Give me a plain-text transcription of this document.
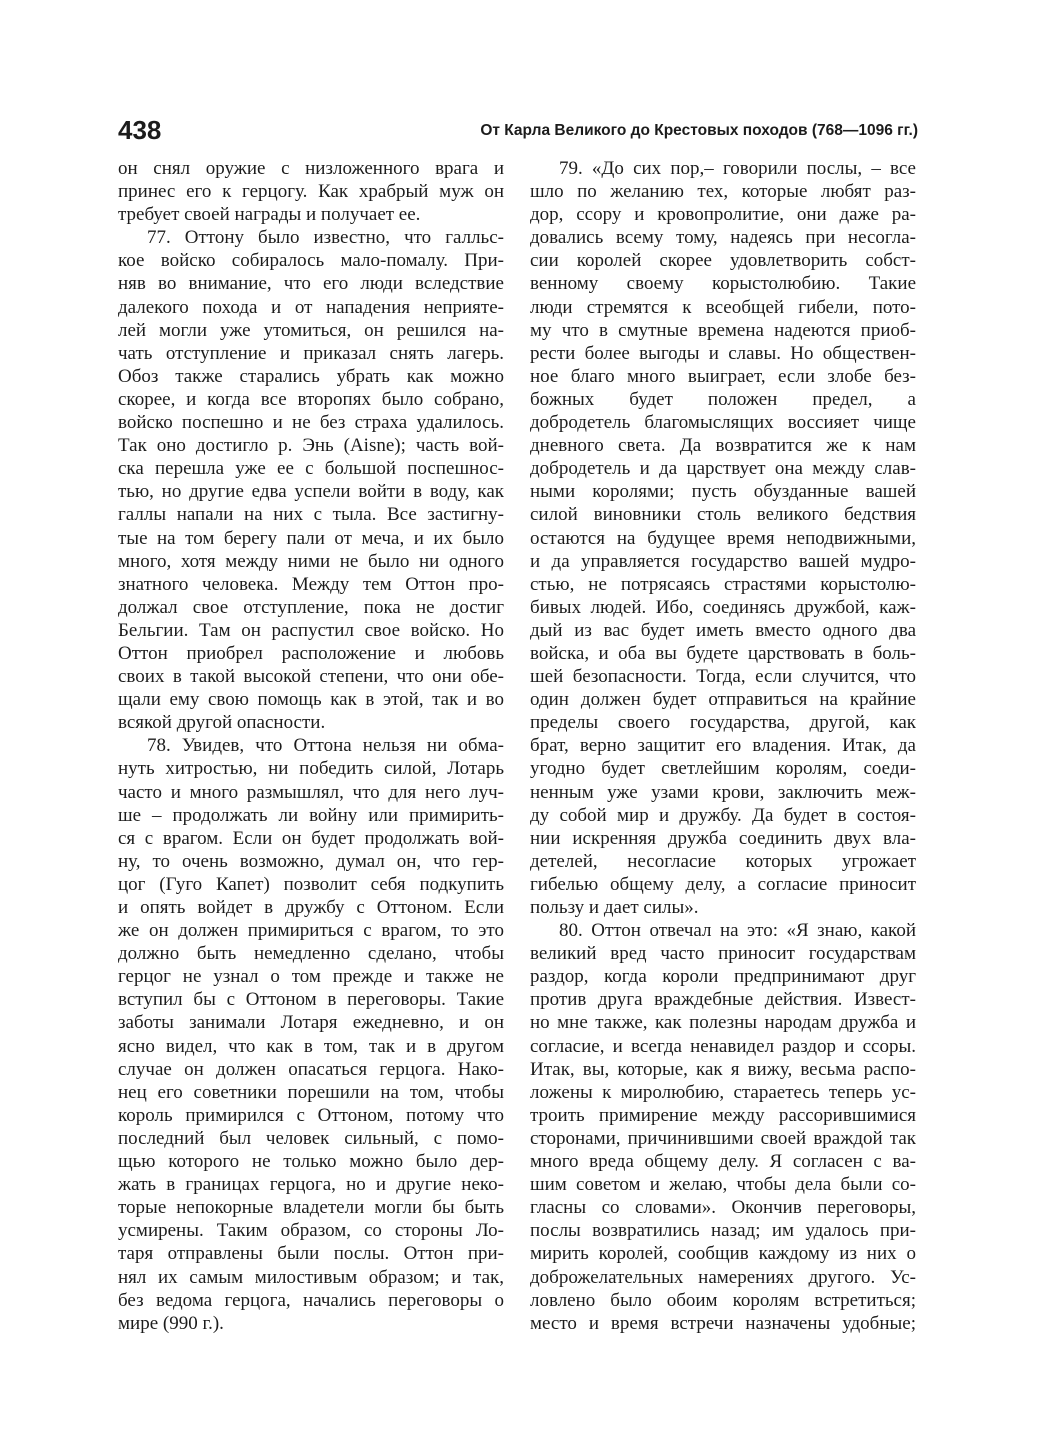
438	От Карла Великого до Крестовых походов (768—1096 гг.)
он снял оружие с низложенного врага и
принес его к герцогу. Как храбрый муж он
требует своей награды и получает ее.
77. Оттону было известно, что галльс-
кое войско собиралось мало-помалу. При-
няв во внимание, что его люди вследствие
далекого похода и от нападения неприяте-
лей могли уже утомиться, он решился на-
чать отступление и приказал снять лагерь.
Обоз также старались убрать как можно
скорее, и когда все второпях было собрано,
войско поспешно и не без страха удалилось.
Так оно достигло р. Энь (Aisne); часть вой-
ска перешла уже ее с большой поспешнос-
тью, но другие едва успели войти в воду, как
галлы напали на них с тыла. Все застигну-
тые на том берегу пали от меча, и их было
много, хотя между ними не было ни одного
знатного человека. Между тем Оттон про-
должал свое отступление, пока не достиг
Бельгии. Там он распустил свое войско. Но
Оттон приобрел расположение и любовь
своих в такой высокой степени, что они обе-
щали ему свою помощь как в этой, так и во
всякой другой опасности.
78. Увидев, что Оттона нельзя ни обма-
нуть хитростью, ни победить силой, Лотарь
часто и много размышлял, что для него луч-
ше – продолжать ли войну или примирить-
ся с врагом. Если он будет продолжать вой-
ну, то очень возможно, думал он, что гер-
цог (Гуго Капет) позволит себя подкупить
и опять войдет в дружбу с Оттоном. Если
же он должен примириться с врагом, то это
должно быть немедленно сделано, чтобы
герцог не узнал о том прежде и также не
вступил бы с Оттоном в переговоры. Такие
заботы занимали Лотаря ежедневно, и он
ясно видел, что как в том, так и в другом
случае он должен опасаться герцога. Нако-
нец его советники порешили на том, чтобы
король примирился с Оттоном, потому что
последний был человек сильный, с помо-
щью которого не только можно было дер-
жать в границах герцога, но и другие неко-
торые непокорные владетели могли бы быть
усмирены. Таким образом, со стороны Ло-
таря отправлены были послы. Оттон при-
нял их самым милостивым образом; и так,
без ведома герцога, начались переговоры о
мире (990 г.).
79. «До сих пор,– говорили послы, – все
шло по желанию тех, которые любят раз-
дор, ссору и кровопролитие, они даже ра-
довались всему тому, надеясь при несогла-
сии королей скорее удовлетворить собст-
венному своему корыстолюбию. Такие
люди стремятся к всеобщей гибели, пото-
му что в смутные времена надеются приоб-
рести более выгоды и славы. Но обществен-
ное благо много выиграет, если злобе без-
божных будет положен предел, а
добродетель благомыслящих воссияет чище
дневного света. Да возвратится же к нам
добродетель и да царствует она между слав-
ными королями; пусть обузданные вашей
силой виновники столь великого бедствия
остаются на будущее время неподвижными,
и да управляется государство вашей мудро-
стью, не потрясаясь страстями корыстолю-
бивых людей. Ибо, соединясь дружбой, каж-
дый из вас будет иметь вместо одного два
войска, и оба вы будете царствовать в боль-
шей безопасности. Тогда, если случится, что
один должен будет отправиться на крайние
пределы своего государства, другой, как
брат, верно защитит его владения. Итак, да
угодно будет светлейшим королям, соеди-
ненным уже узами крови, заключить меж-
ду собой мир и дружбу. Да будет в состоя-
нии искренняя дружба соединить двух вла-
детелей, несогласие которых угрожает
гибелью общему делу, а согласие приносит
пользу и дает силы».
80. Оттон отвечал на это: «Я знаю, какой
великий вред часто приносит государствам
раздор, когда короли предпринимают друг
против друга враждебные действия. Извест-
но мне также, как полезны народам дружба и
согласие, и всегда ненавидел раздор и ссоры.
Итак, вы, которые, как я вижу, весьма распо-
ложены к миролюбию, стараетесь теперь ус-
троить примирение между рассорившимися
сторонами, причинившими своей враждой так
много вреда общему делу. Я согласен с ва-
шим советом и желаю, чтобы дела были со-
гласны со словами». Окончив переговоры,
послы возвратились назад; им удалось при-
мирить королей, сообщив каждому из них о
доброжелательных намерениях другого. Ус-
ловлено было обоим королям встретиться;
место и время встречи назначены удобные;
